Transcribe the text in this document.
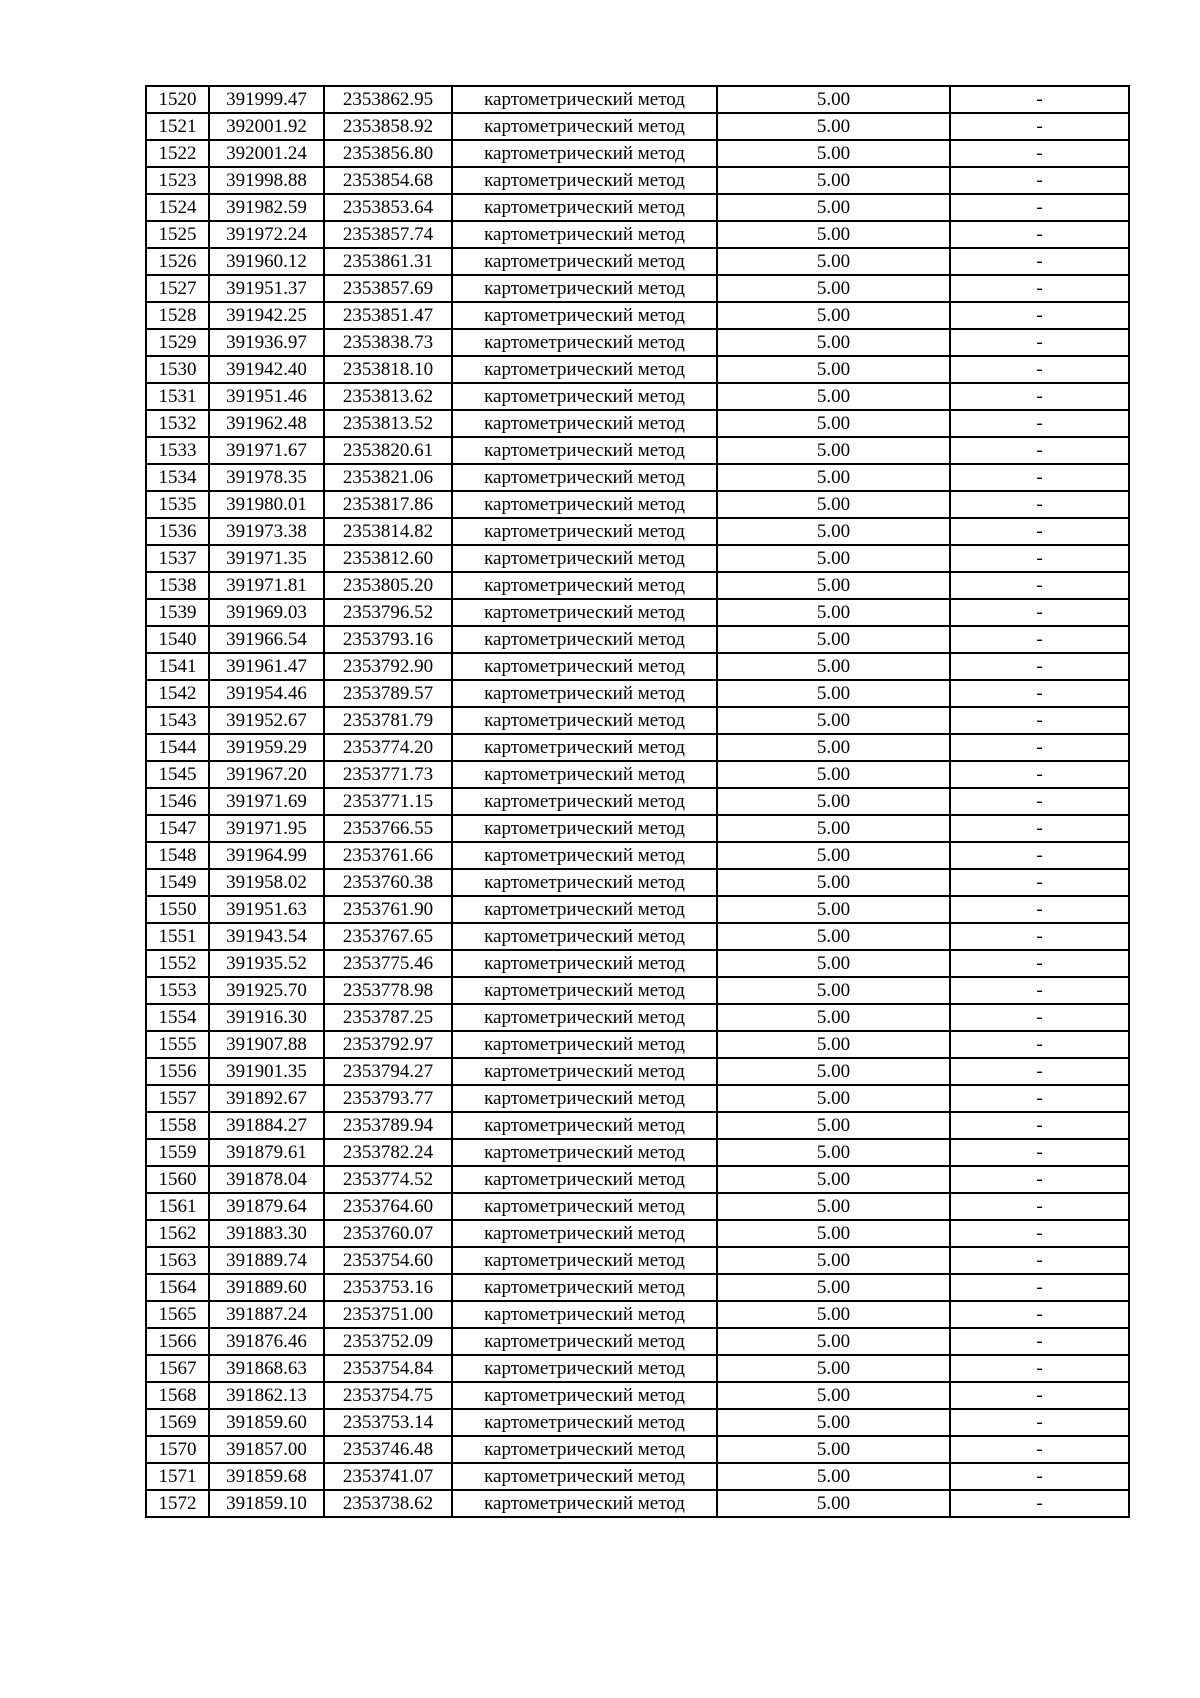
1520	391999.47	2353862.95	картометрический метод	5.00	-
1521	392001.92	2353858.92	картометрический метод	5.00	-
1522	392001.24	2353856.80	картометрический метод	5.00	-
1523	391998.88	2353854.68	картометрический метод	5.00	-
1524	391982.59	2353853.64	картометрический метод	5.00	-
1525	391972.24	2353857.74	картометрический метод	5.00	-
1526	391960.12	2353861.31	картометрический метод	5.00	-
1527	391951.37	2353857.69	картометрический метод	5.00	-
1528	391942.25	2353851.47	картометрический метод	5.00	-
1529	391936.97	2353838.73	картометрический метод	5.00	-
1530	391942.40	2353818.10	картометрический метод	5.00	-
1531	391951.46	2353813.62	картометрический метод	5.00	-
1532	391962.48	2353813.52	картометрический метод	5.00	-
1533	391971.67	2353820.61	картометрический метод	5.00	-
1534	391978.35	2353821.06	картометрический метод	5.00	-
1535	391980.01	2353817.86	картометрический метод	5.00	-
1536	391973.38	2353814.82	картометрический метод	5.00	-
1537	391971.35	2353812.60	картометрический метод	5.00	-
1538	391971.81	2353805.20	картометрический метод	5.00	-
1539	391969.03	2353796.52	картометрический метод	5.00	-
1540	391966.54	2353793.16	картометрический метод	5.00	-
1541	391961.47	2353792.90	картометрический метод	5.00	-
1542	391954.46	2353789.57	картометрический метод	5.00	-
1543	391952.67	2353781.79	картометрический метод	5.00	-
1544	391959.29	2353774.20	картометрический метод	5.00	-
1545	391967.20	2353771.73	картометрический метод	5.00	-
1546	391971.69	2353771.15	картометрический метод	5.00	-
1547	391971.95	2353766.55	картометрический метод	5.00	-
1548	391964.99	2353761.66	картометрический метод	5.00	-
1549	391958.02	2353760.38	картометрический метод	5.00	-
1550	391951.63	2353761.90	картометрический метод	5.00	-
1551	391943.54	2353767.65	картометрический метод	5.00	-
1552	391935.52	2353775.46	картометрический метод	5.00	-
1553	391925.70	2353778.98	картометрический метод	5.00	-
1554	391916.30	2353787.25	картометрический метод	5.00	-
1555	391907.88	2353792.97	картометрический метод	5.00	-
1556	391901.35	2353794.27	картометрический метод	5.00	-
1557	391892.67	2353793.77	картометрический метод	5.00	-
1558	391884.27	2353789.94	картометрический метод	5.00	-
1559	391879.61	2353782.24	картометрический метод	5.00	-
1560	391878.04	2353774.52	картометрический метод	5.00	-
1561	391879.64	2353764.60	картометрический метод	5.00	-
1562	391883.30	2353760.07	картометрический метод	5.00	-
1563	391889.74	2353754.60	картометрический метод	5.00	-
1564	391889.60	2353753.16	картометрический метод	5.00	-
1565	391887.24	2353751.00	картометрический метод	5.00	-
1566	391876.46	2353752.09	картометрический метод	5.00	-
1567	391868.63	2353754.84	картометрический метод	5.00	-
1568	391862.13	2353754.75	картометрический метод	5.00	-
1569	391859.60	2353753.14	картометрический метод	5.00	-
1570	391857.00	2353746.48	картометрический метод	5.00	-
1571	391859.68	2353741.07	картометрический метод	5.00	-
1572	391859.10	2353738.62	картометрический метод	5.00	-
